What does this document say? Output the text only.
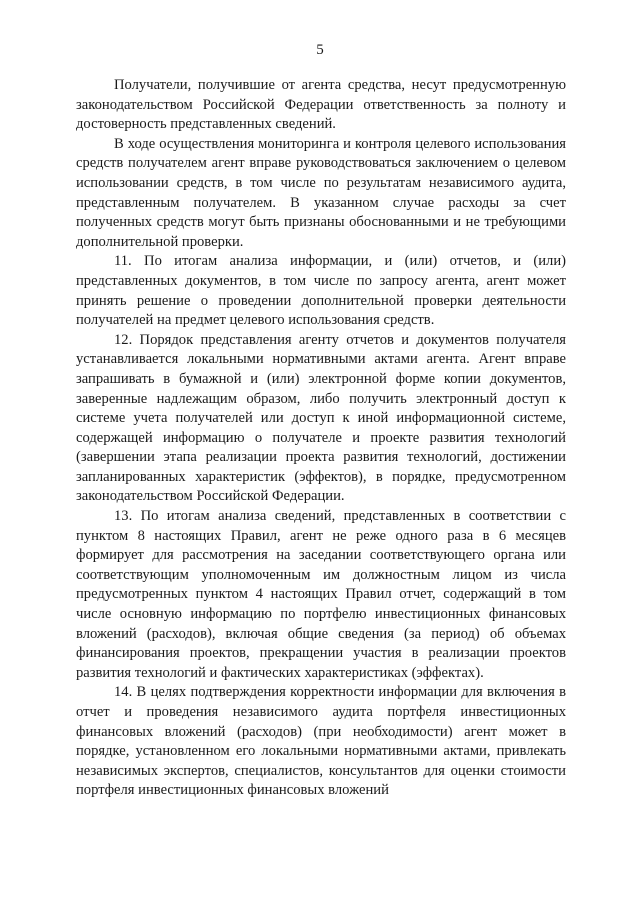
5

Получатели, получившие от агента средства, несут предусмотренную законодательством Российской Федерации ответственность за полноту и достоверность представленных сведений.

В ходе осуществления мониторинга и контроля целевого использования средств получателем агент вправе руководствоваться заключением о целевом использовании средств, в том числе по результатам независимого аудита, представленным получателем. В указанном случае расходы за счет полученных средств могут быть признаны обоснованными и не требующими дополнительной проверки.

11. По итогам анализа информации, и (или) отчетов, и (или) представленных документов, в том числе по запросу агента, агент может принять решение о проведении дополнительной проверки деятельности получателей на предмет целевого использования средств.

12. Порядок представления агенту отчетов и документов получателя устанавливается локальными нормативными актами агента. Агент вправе запрашивать в бумажной и (или) электронной форме копии документов, заверенные надлежащим образом, либо получить электронный доступ к системе учета получателей или доступ к иной информационной системе, содержащей информацию о получателе и проекте развития технологий (завершении этапа реализации проекта развития технологий, достижении запланированных характеристик (эффектов), в порядке, предусмотренном законодательством Российской Федерации.

13. По итогам анализа сведений, представленных в соответствии с пунктом 8 настоящих Правил, агент не реже одного раза в 6 месяцев формирует для рассмотрения на заседании соответствующего органа или соответствующим уполномоченным им должностным лицом из числа предусмотренных пунктом 4 настоящих Правил отчет, содержащий в том числе основную информацию по портфелю инвестиционных финансовых вложений (расходов), включая общие сведения (за период) об объемах финансирования проектов, прекращении участия в реализации проектов развития технологий и фактических характеристиках (эффектах).

14. В целях подтверждения корректности информации для включения в отчет и проведения независимого аудита портфеля инвестиционных финансовых вложений (расходов) (при необходимости) агент может в порядке, установленном его локальными нормативными актами, привлекать независимых экспертов, специалистов, консультантов для оценки стоимости портфеля инвестиционных финансовых вложений
